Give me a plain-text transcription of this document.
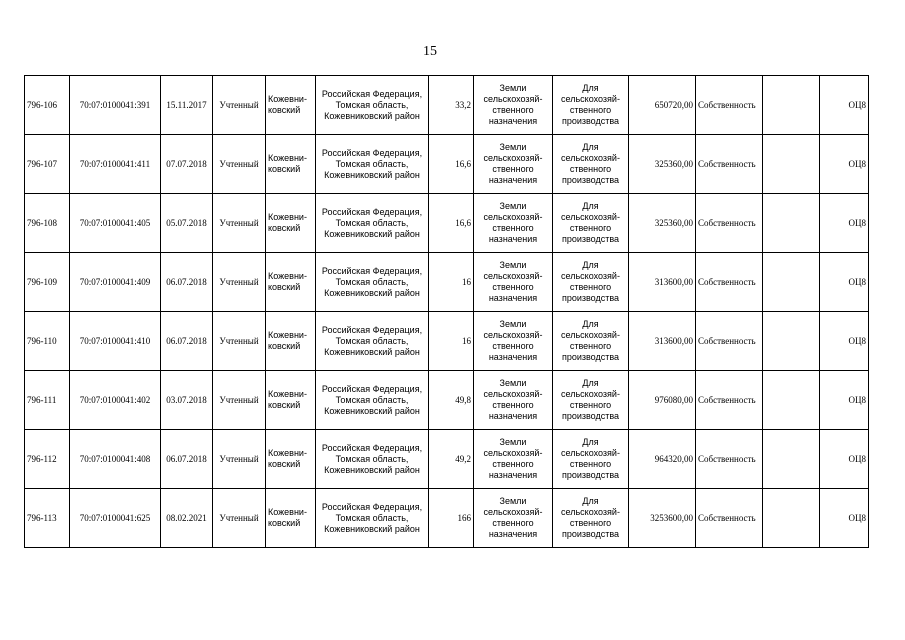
15
796-106	70:07:0100041:391	15.11.2017	Учтенный	Кожевни-ковский	Российская Федерация, Томская область, Кожевниковский район	33,2	Земли сельскохозяй-ственного назначения	Для сельскохозяй-ственного производства	650720,00	Собственность		ОЦ8
796-107	70:07:0100041:411	07.07.2018	Учтенный	Кожевни-ковский	Российская Федерация, Томская область, Кожевниковский район	16,6	Земли сельскохозяй-ственного назначения	Для сельскохозяй-ственного производства	325360,00	Собственность		ОЦ8
796-108	70:07:0100041:405	05.07.2018	Учтенный	Кожевни-ковский	Российская Федерация, Томская область, Кожевниковский район	16,6	Земли сельскохозяй-ственного назначения	Для сельскохозяй-ственного производства	325360,00	Собственность		ОЦ8
796-109	70:07:0100041:409	06.07.2018	Учтенный	Кожевни-ковский	Российская Федерация, Томская область, Кожевниковский район	16	Земли сельскохозяй-ственного назначения	Для сельскохозяй-ственного производства	313600,00	Собственность		ОЦ8
796-110	70:07:0100041:410	06.07.2018	Учтенный	Кожевни-ковский	Российская Федерация, Томская область, Кожевниковский район	16	Земли сельскохозяй-ственного назначения	Для сельскохозяй-ственного производства	313600,00	Собственность		ОЦ8
796-111	70:07:0100041:402	03.07.2018	Учтенный	Кожевни-ковский	Российская Федерация, Томская область, Кожевниковский район	49,8	Земли сельскохозяй-ственного назначения	Для сельскохозяй-ственного производства	976080,00	Собственность		ОЦ8
796-112	70:07:0100041:408	06.07.2018	Учтенный	Кожевни-ковский	Российская Федерация, Томская область, Кожевниковский район	49,2	Земли сельскохозяй-ственного назначения	Для сельскохозяй-ственного производства	964320,00	Собственность		ОЦ8
796-113	70:07:0100041:625	08.02.2021	Учтенный	Кожевни-ковский	Российская Федерация, Томская область, Кожевниковский район	166	Земли сельскохозяй-ственного назначения	Для сельскохозяй-ственного производства	3253600,00	Собственность		ОЦ8
